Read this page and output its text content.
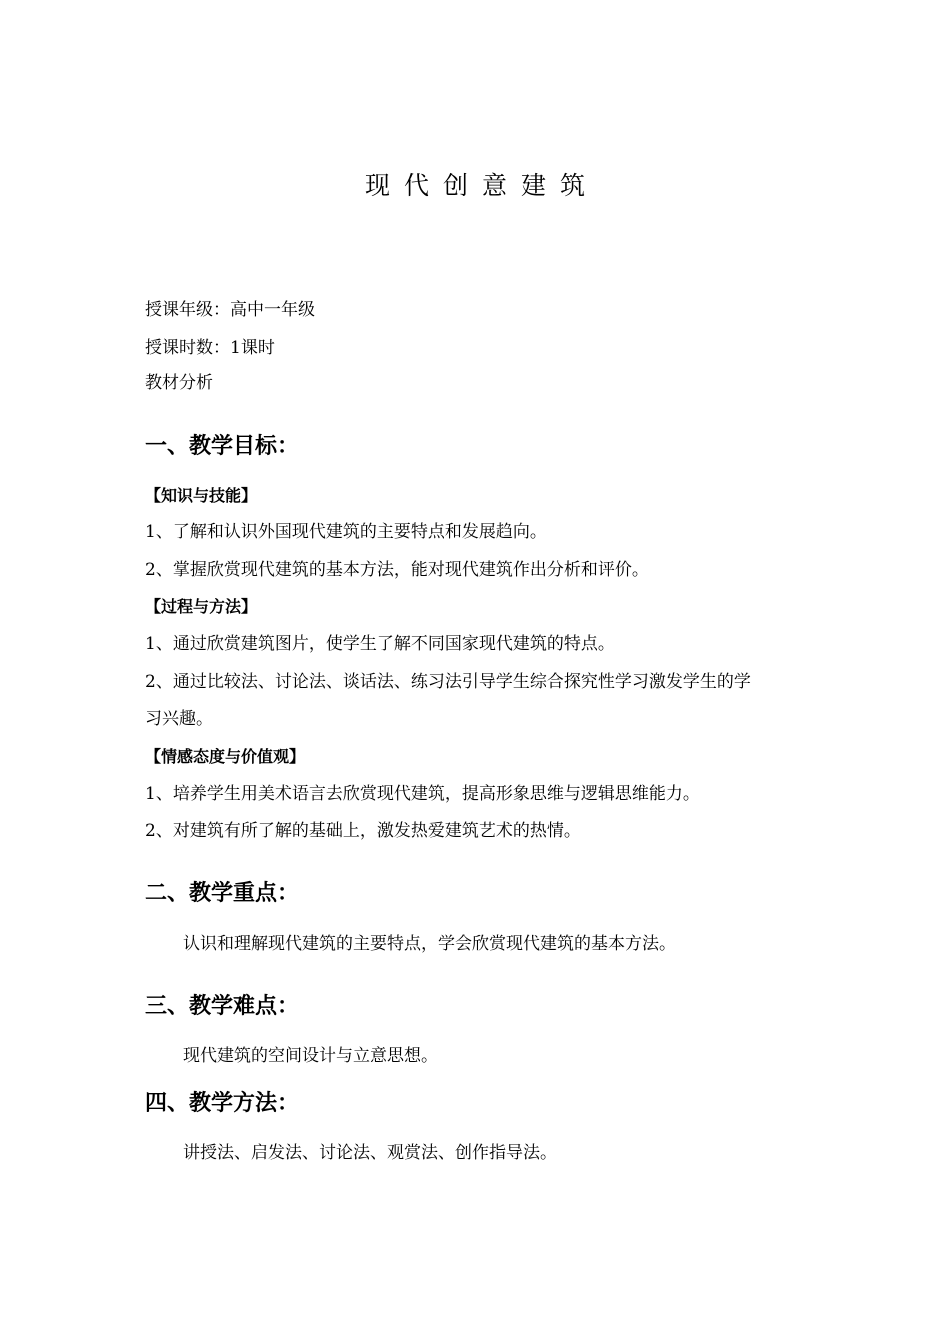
现代创意建筑
授课年级：高中一年级
授课时数：1课时
教材分析
一、教学目标：
【知识与技能】
1、了解和认识外国现代建筑的主要特点和发展趋向。
2、掌握欣赏现代建筑的基本方法，能对现代建筑作出分析和评价。
【过程与方法】
1、通过欣赏建筑图片，使学生了解不同国家现代建筑的特点。
2、通过比较法、讨论法、谈话法、练习法引导学生综合探究性学习激发学生的学
习兴趣。
【情感态度与价值观】
1、培养学生用美术语言去欣赏现代建筑，提高形象思维与逻辑思维能力。
2、对建筑有所了解的基础上，激发热爱建筑艺术的热情。
二、教学重点：
认识和理解现代建筑的主要特点，学会欣赏现代建筑的基本方法。
三、教学难点：
现代建筑的空间设计与立意思想。
四、教学方法：
讲授法、启发法、讨论法、观赏法、创作指导法。
